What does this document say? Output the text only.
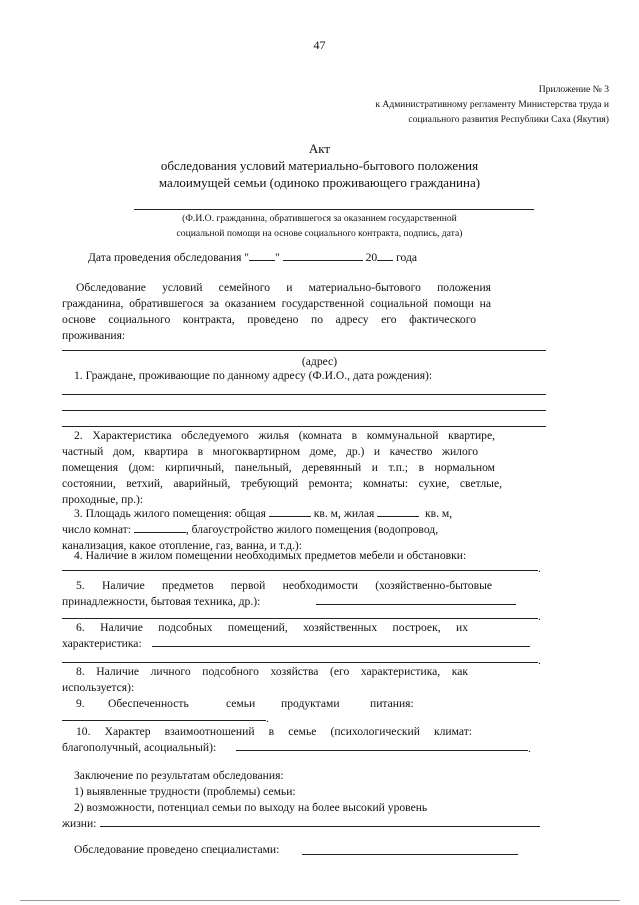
47
Приложение № 3
к Административному регламенту Министерства труда и
социального развития Республики Саха (Якутия)
Акт
обследования условий материально-бытового положения
малоимущей семьи (одиноко проживающего гражданина)
(Ф.И.О. гражданина, обратившегося за оказанием государственной
социальной помощи на основе социального контракта, подпись, дата)
Дата проведения обследования " "	20 года
Обследование условий семейного и материально-бытового положения
гражданина, обратившегося за оказанием государственной социальной помощи на
основе социального контракта, проведено по адресу его фактического
проживания:
(адрес)
1. Граждане, проживающие по данному адресу (Ф.И.О., дата рождения):
2. Характеристика обследуемого жилья (комната в коммунальной квартире,
частный дом, квартира в многоквартирном доме, др.) и качество жилого
помещения (дом: кирпичный, панельный, деревянный и т.п.; в нормальном
состоянии, ветхий, аварийный, требующий ремонта; комнаты: сухие, светлые,
проходные, пр.):
3. Площадь жилого помещения: общая	кв. м, жилая	кв. м,
число комнат:	, благоустройство жилого помещения (водопровод,
канализация, какое отопление, газ, ванна, и т.д.):
4. Наличие в жилом помещении необходимых предметов мебели и обстановки:
.
5. Наличие предметов первой необходимости (хозяйственно-бытовые
принадлежности, бытовая техника, др.):
.
6. Наличие подсобных помещений, хозяйственных построек, их
характеристика:
.
8. Наличие личного подсобного хозяйства (его характеристика, как
используется):
9. Обеспеченность	семьи продуктами	питания:
.
10. Характер взаимоотношений в семье (психологический климат:
благополучный, асоциальный):	.
Заключение по результатам обследования:
1) выявленные трудности (проблемы) семьи:
2) возможности, потенциал семьи по выходу на более высокий уровень
жизни:
Обследование проведено специалистами:
